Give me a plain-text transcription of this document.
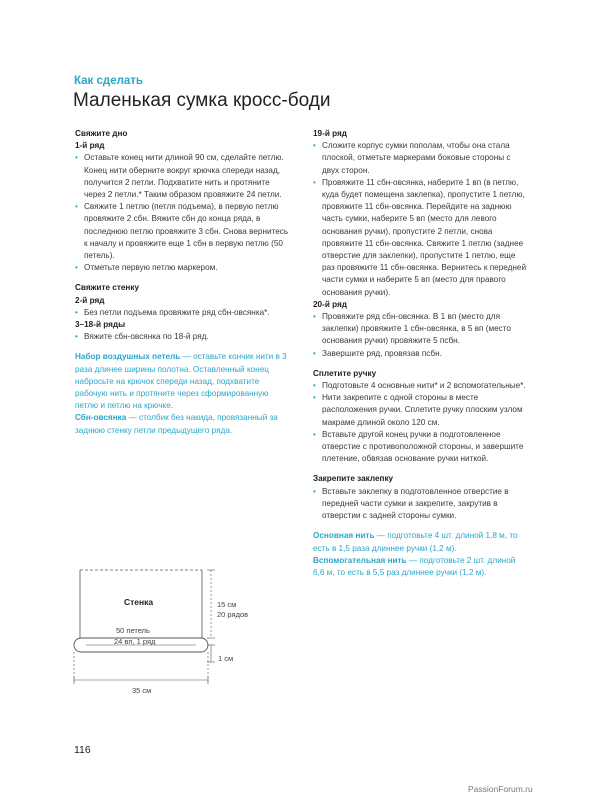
Как сделать
Маленькая сумка кросс-боди
Свяжите дно
1-й ряд
• Оставьте конец нити длиной 90 см, сделайте петлю. Конец нити оберните вокруг крючка спереди назад, получится 2 петли. Подхватите нить и протяните через 2 петли.* Таким образом провяжите 24 петли.
• Свяжите 1 петлю (петля подъема), в первую петлю провяжите 2 сбн. Вяжите сбн до конца ряда, в последнюю петлю провяжите 3 сбн. Снова вернитесь к началу и провяжите еще 1 сбн в первую петлю (50 петель).
• Отметьте первую петлю маркером.
Свяжите стенку
2-й ряд
• Без петли подъема провяжите ряд сбн-овсянка*.
3–18-й ряды
• Вяжите сбн-овсянка по 18-й ряд.
Набор воздушных петель — оставьте кончик нити в 3 раза длинее ширины полотна. Оставленный конец набросьте на крючок спереди назад, подхватите рабочую нить и протяните через сформированную петлю и петлю на крючке.
Сбн-овсянка — столбик без накида, провязанный за заднюю стенку петли предыдущего ряда.
19-й ряд
• Сложите корпус сумки пополам, чтобы она стала плоской, отметьте маркерами боковые стороны с двух сторон.
• Провяжите 11 сбн-овсянка, наберите 1 вп (в петлю, куда будет помещена заклепка), пропустите 1 петлю, провяжите 11 сбн-овсянка. Перейдите на заднюю часть сумки, наберите 5 вп (место для левого основания ручки), пропустите 2 петли, снова провяжите 11 сбн-овсянка. Свяжите 1 петлю (заднее отверстие для заклепки), пропустите 1 петлю, еще раз провяжите 11 сбн-овсянка. Вернитесь к передней части сумки и наберите 5 вп (место для правого основания ручки).
20-й ряд
• Провяжите ряд сбн-овсянка. В 1 вп (место для заклепки) провяжите 1 сбн-овсянка, в 5 вп (место основания ручки) провяжите 5 псбн.
• Завершите ряд, провязав псбн.
Сплетите ручку
• Подготовьте 4 основные нити* и 2 вспомогательные*.
• Нити закрепите с одной стороны в месте расположения ручки. Сплетите ручку плоским узлом макраме длиной около 120 см.
• Вставьте другой конец ручки в подготовленное отверстие с противоположной стороны, и завершите плетение, обвязав основание ручки ниткой.
Закрепите заклепку
• Вставьте заклепку в подготовленное отверстие в передней части сумки и закрепите, закрутив в отверстии с задней стороны сумки.
Основная нить — подготовьте 4 шт. длиной 1,8 м, то есть в 1,5 раза длиннее ручки (1,2 м).
Вспомогательная нить — подготовьте 2 шт. длиной 6,6 м, то есть в 5,5 раз длиннее ручки (1,2 м).
Стенка	15 см
20 рядов
50 петель
24 вп, 1 ряд
1 см
35 см
116
PassionForum.ru
